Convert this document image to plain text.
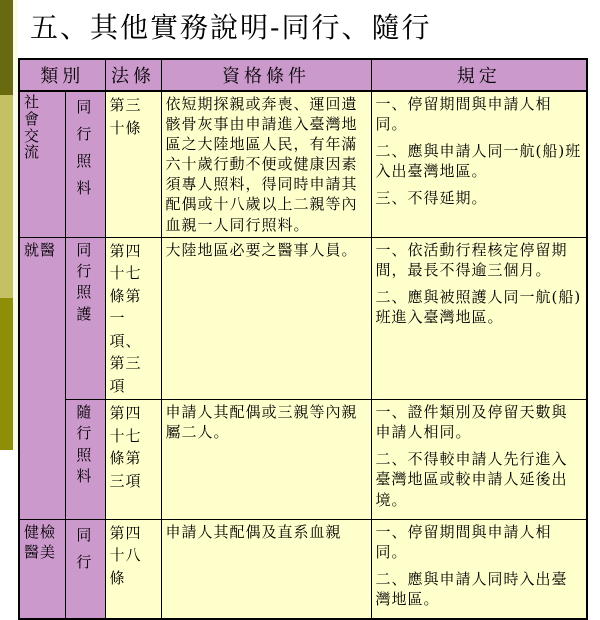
五、其他實務說明-同行、隨行
類別		法條	資格條件	規定

社會交流	同行照料	第三十條	依短期探親或奔喪、運回遺骸骨灰事由申請進入臺灣地區之大陸地區人民，有年滿六十歲行動不便或健康因素須專人照料，得同時申請其配偶或十八歲以上二親等內血親一人同行照料。	一、停留期間與申請人相同。
二、應與申請人同一航(船)班入出臺灣地區。
三、不得延期。

就醫	同行照護	第四十七條第一項、第三項	大陸地區必要之醫事人員。	一、依活動行程核定停留期間，最長不得逾三個月。
二、應與被照護人同一航(船)班進入臺灣地區。

	隨行照料	第四十七條第三項	申請人其配偶或三親等內親屬二人。	一、證件類別及停留天數與申請人相同。
二、不得較申請人先行進入臺灣地區或較申請人延後出境。

健檢醫美	同行	第四十八條	申請人其配偶及直系血親	一、停留期間與申請人相同。
二、應與申請人同時入出臺灣地區。
